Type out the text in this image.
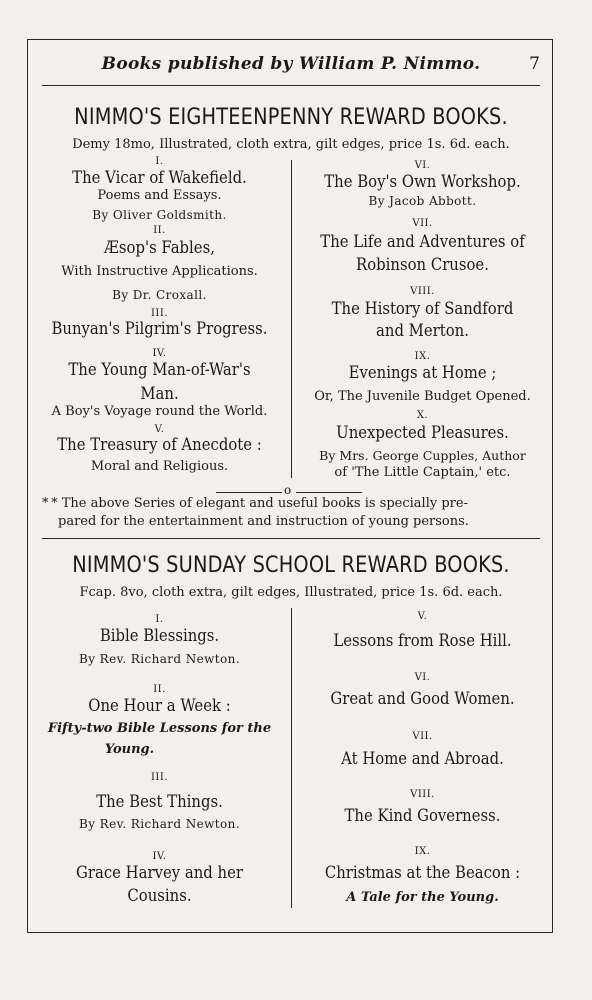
Books published by William P. Nimmo.	7
NIMMO'S EIGHTEENPENNY REWARD BOOKS.
Demy 18mo, Illustrated, cloth extra, gilt edges, price 1s. 6d. each.
I.
The Vicar of Wakefield.
Poems and Essays.
By Oliver Goldsmith.
II.
Æsop's Fables,
With Instructive Applications.
By Dr. Croxall.
III.
Bunyan's Pilgrim's Progress.
IV.
The Young Man-of-War's
Man.
A Boy's Voyage round the World.
V.
The Treasury of Anecdote :
Moral and Religious.
VI.
The Boy's Own Workshop.
By Jacob Abbott.
VII.
The Life and Adventures of
Robinson Crusoe.
VIII.
The History of Sandford
and Merton.
IX.
Evenings at Home ;
Or, The Juvenile Budget Opened.
X.
Unexpected Pleasures.
By Mrs. George Cupples, Author
of 'The Little Captain,' etc.
o
* * The above Series of elegant and useful books is specially pre-
pared for the entertainment and instruction of young persons.
NIMMO'S SUNDAY SCHOOL REWARD BOOKS.
Fcap. 8vo, cloth extra, gilt edges, Illustrated, price 1s. 6d. each.
I.
Bible Blessings.
By Rev. Richard Newton.
II.
One Hour a Week :
Fifty-two Bible Lessons for the
Young.
III.
The Best Things.
By Rev. Richard Newton.
IV.
Grace Harvey and her
Cousins.
V.
Lessons from Rose Hill.
VI.
Great and Good Women.
VII.
At Home and Abroad.
VIII.
The Kind Governess.
IX.
Christmas at the Beacon :
A Tale for the Young.
